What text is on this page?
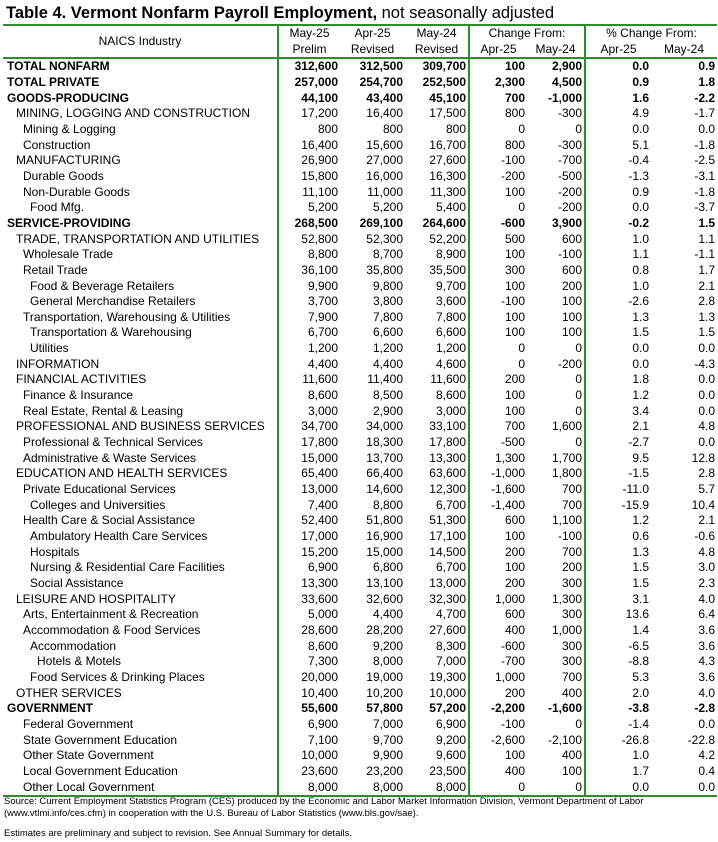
Table 4. Vermont Nonfarm Payroll Employment, not seasonally adjusted
NAICS Industry	May-25	Apr-25	May-24	Change From:		% Change From:	
	Prelim	Revised	Revised	Apr-25	May-24	Apr-25	May-24
TOTAL NONFARM	312,600	312,500	309,700	100	2,900	0.0	0.9
TOTAL PRIVATE	257,000	254,700	252,500	2,300	4,500	0.9	1.8
GOODS-PRODUCING	44,100	43,400	45,100	700	-1,000	1.6	-2.2
MINING, LOGGING AND CONSTRUCTION	17,200	16,400	17,500	800	-300	4.9	-1.7
Mining & Logging	800	800	800	0	0	0.0	0.0
Construction	16,400	15,600	16,700	800	-300	5.1	-1.8
MANUFACTURING	26,900	27,000	27,600	-100	-700	-0.4	-2.5
Durable Goods	15,800	16,000	16,300	-200	-500	-1.3	-3.1
Non-Durable Goods	11,100	11,000	11,300	100	-200	0.9	-1.8
Food Mfg.	5,200	5,200	5,400	0	-200	0.0	-3.7
SERVICE-PROVIDING	268,500	269,100	264,600	-600	3,900	-0.2	1.5
TRADE, TRANSPORTATION AND UTILITIES	52,800	52,300	52,200	500	600	1.0	1.1
Wholesale Trade	8,800	8,700	8,900	100	-100	1.1	-1.1
Retail Trade	36,100	35,800	35,500	300	600	0.8	1.7
Food & Beverage Retailers	9,900	9,800	9,700	100	200	1.0	2.1
General Merchandise Retailers	3,700	3,800	3,600	-100	100	-2.6	2.8
Transportation, Warehousing & Utilities	7,900	7,800	7,800	100	100	1.3	1.3
Transportation & Warehousing	6,700	6,600	6,600	100	100	1.5	1.5
Utilities	1,200	1,200	1,200	0	0	0.0	0.0
INFORMATION	4,400	4,400	4,600	0	-200	0.0	-4.3
FINANCIAL ACTIVITIES	11,600	11,400	11,600	200	0	1.8	0.0
Finance & Insurance	8,600	8,500	8,600	100	0	1.2	0.0
Real Estate, Rental & Leasing	3,000	2,900	3,000	100	0	3.4	0.0
PROFESSIONAL AND BUSINESS SERVICES	34,700	34,000	33,100	700	1,600	2.1	4.8
Professional & Technical Services	17,800	18,300	17,800	-500	0	-2.7	0.0
Administrative & Waste Services	15,000	13,700	13,300	1,300	1,700	9.5	12.8
EDUCATION AND HEALTH SERVICES	65,400	66,400	63,600	-1,000	1,800	-1.5	2.8
Private Educational Services	13,000	14,600	12,300	-1,600	700	-11.0	5.7
Colleges and Universities	7,400	8,800	6,700	-1,400	700	-15.9	10.4
Health Care & Social Assistance	52,400	51,800	51,300	600	1,100	1.2	2.1
Ambulatory Health Care Services	17,000	16,900	17,100	100	-100	0.6	-0.6
Hospitals	15,200	15,000	14,500	200	700	1.3	4.8
Nursing & Residential Care Facilities	6,900	6,800	6,700	100	200	1.5	3.0
Social Assistance	13,300	13,100	13,000	200	300	1.5	2.3
LEISURE AND HOSPITALITY	33,600	32,600	32,300	1,000	1,300	3.1	4.0
Arts, Entertainment & Recreation	5,000	4,400	4,700	600	300	13.6	6.4
Accommodation & Food Services	28,600	28,200	27,600	400	1,000	1.4	3.6
Accommodation	8,600	9,200	8,300	-600	300	-6.5	3.6
Hotels & Motels	7,300	8,000	7,000	-700	300	-8.8	4.3
Food Services & Drinking Places	20,000	19,000	19,300	1,000	700	5.3	3.6
OTHER SERVICES	10,400	10,200	10,000	200	400	2.0	4.0
GOVERNMENT	55,600	57,800	57,200	-2,200	-1,600	-3.8	-2.8
Federal Government	6,900	7,000	6,900	-100	0	-1.4	0.0
State Government Education	7,100	9,700	9,200	-2,600	-2,100	-26.8	-22.8
Other State Government	10,000	9,900	9,600	100	400	1.0	4.2
Local Government Education	23,600	23,200	23,500	400	100	1.7	0.4
Other Local Government	8,000	8,000	8,000	0	0	0.0	0.0
Source: Current Employment Statistics Program (CES) produced by the Economic and Labor Market Information Division, Vermont Department of Labor
(www.vtlmi.info/ces.cfm) in cooperation with the U.S. Bureau of Labor Statistics (www.bls.gov/sae).
Estimates are preliminary and subject to revision. See Annual Summary for details.
